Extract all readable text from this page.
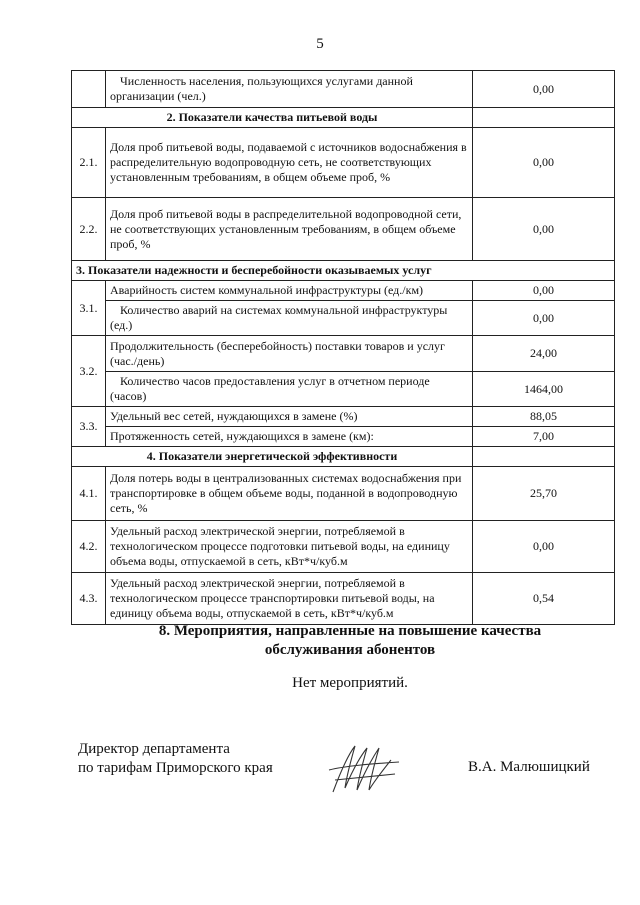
5
	Численность населения, пользующихся услугами данной организации (чел.)	0,00
2. Показатели качества питьевой воды		
2.1.	Доля проб питьевой воды, подаваемой с источников водоснабжения в распределительную водопроводную сеть, не соответствующих установленным требованиям, в общем объеме проб, %	0,00
2.2.	Доля проб питьевой воды в распределительной водопроводной сети, не соответствующих установленным требованиям, в общем объеме проб, %	0,00
3. Показатели надежности и бесперебойности оказываемых услуг		
3.1.	Аварийность систем коммунальной инфраструктуры (ед./км)	0,00
	Количество аварий на системах коммунальной инфраструктуры (ед.)	0,00
3.2.	Продолжительность (бесперебойность) поставки товаров и услуг (час./день)	24,00
	Количество часов предоставления услуг в отчетном периоде (часов)	1464,00
3.3.	Удельный вес сетей, нуждающихся в замене (%)	88,05
	Протяженность сетей, нуждающихся в замене (км):	7,00
4. Показатели энергетической эффективности		
4.1.	Доля потерь воды в централизованных системах водоснабжения при транспортировке в общем объеме воды, поданной в водопроводную сеть, %	25,70
4.2.	Удельный расход электрической энергии, потребляемой в технологическом процессе подготовки питьевой воды, на единицу объема воды, отпускаемой в сеть, кВт*ч/куб.м	0,00
4.3.	Удельный расход электрической энергии, потребляемой в технологическом процессе транспортировки питьевой воды, на единицу объема воды, отпускаемой в сеть, кВт*ч/куб.м	0,54
8. Мероприятия, направленные на повышение качества
обслуживания абонентов
Нет мероприятий.
Директор департамента
по тарифам Приморского края	В.А. Малюшицкий
